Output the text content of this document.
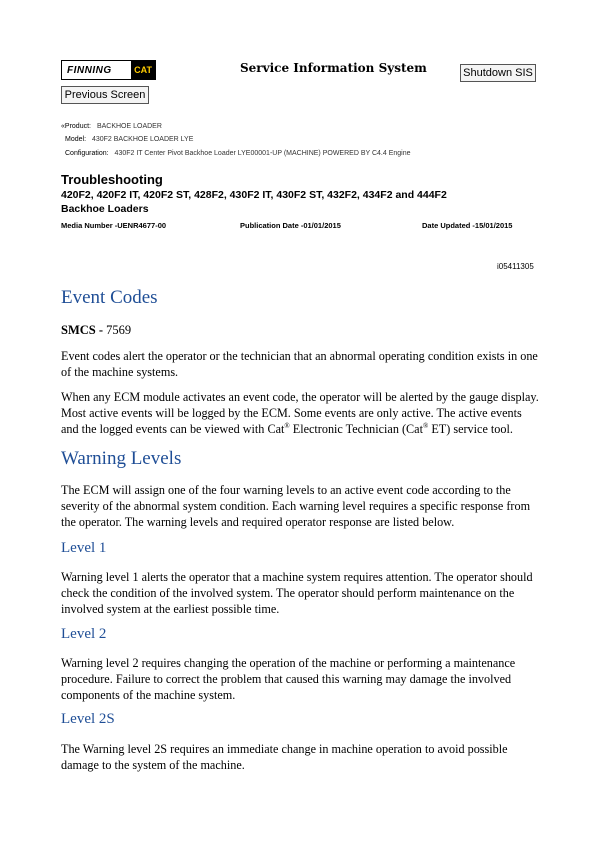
FINNING	CAT	Service Information System	Shutdown SIS
Previous Screen
«Product: BACKHOE LOADER
Model: 430F2 BACKHOE LOADER LYE
Configuration: 430F2 IT Center Pivot Backhoe Loader LYE00001-UP (MACHINE) POWERED BY C4.4 Engine
Troubleshooting
420F2, 420F2 IT, 420F2 ST, 428F2, 430F2 IT, 430F2 ST, 432F2, 434F2 and 444F2
Backhoe Loaders
Media Number -UENR4677-00	Publication Date -01/01/2015	Date Updated -15/01/2015
i05411305
Event Codes
SMCS - 7569
Event codes alert the operator or the technician that an abnormal operating condition exists in one of the machine systems.
When any ECM module activates an event code, the operator will be alerted by the gauge display. Most active events will be logged by the ECM. Some events are only active. The active events and the logged events can be viewed with Cat® Electronic Technician (Cat® ET) service tool.
Warning Levels
The ECM will assign one of the four warning levels to an active event code according to the severity of the abnormal system condition. Each warning level requires a specific response from the operator. The warning levels and required operator response are listed below.
Level 1
Warning level 1 alerts the operator that a machine system requires attention. The operator should check the condition of the involved system. The operator should perform maintenance on the involved system at the earliest possible time.
Level 2
Warning level 2 requires changing the operation of the machine or performing a maintenance procedure. Failure to correct the problem that caused this warning may damage the involved components of the machine system.
Level 2S
The Warning level 2S requires an immediate change in machine operation to avoid possible damage to the system of the machine.
